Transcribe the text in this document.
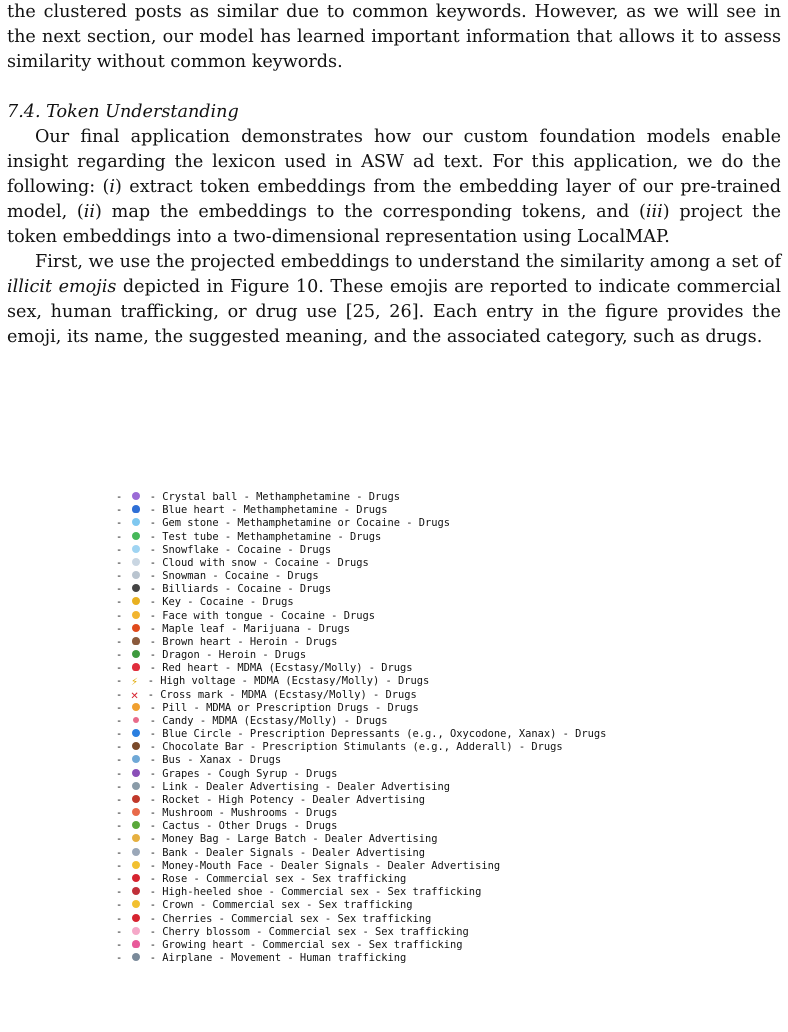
the clustered posts as similar due to common keywords. However, as we will see in the next section, our model has learned important information that allows it to assess similarity without common keywords.

7.4. Token Understanding

Our final application demonstrates how our custom foundation models enable insight regarding the lexicon used in ASW ad text. For this application, we do the following: (i) extract token embeddings from the embedding layer of our pre-trained model, (ii) map the embeddings to the corresponding tokens, and (iii) project the token embeddings into a two-dimensional representation using LocalMAP.

First, we use the projected embeddings to understand the similarity among a set of illicit emojis depicted in Figure 10. These emojis are reported to indicate commercial sex, human trafficking, or drug use [25, 26]. Each entry in the figure provides the emoji, its name, the suggested meaning, and the associated category, such as drugs.

-  - Crystal ball - Methamphetamine - Drugs
-  - Blue heart - Methamphetamine - Drugs
-  - Gem stone - Methamphetamine or Cocaine - Drugs
-  - Test tube - Methamphetamine - Drugs
-  - Snowflake - Cocaine - Drugs
-  - Cloud with snow - Cocaine - Drugs
-  - Snowman - Cocaine - Drugs
-  - Billiards - Cocaine - Drugs
-  - Key - Cocaine - Drugs
-  - Face with tongue - Cocaine - Drugs
-  - Maple leaf - Marijuana - Drugs
-  - Brown heart - Heroin - Drugs
-  - Dragon - Heroin - Drugs
-  - Red heart - MDMA (Ecstasy/Molly) - Drugs
- ⚡ - High voltage - MDMA (Ecstasy/Molly) - Drugs
- ✕ - Cross mark - MDMA (Ecstasy/Molly) - Drugs
-  - Pill - MDMA or Prescription Drugs - Drugs
-  - Candy - MDMA (Ecstasy/Molly) - Drugs
-  - Blue Circle - Prescription Depressants (e.g., Oxycodone, Xanax) - Drugs
-  - Chocolate Bar - Prescription Stimulants (e.g., Adderall) - Drugs
-  - Bus - Xanax - Drugs
-  - Grapes - Cough Syrup - Drugs
-  - Link - Dealer Advertising - Dealer Advertising
-  - Rocket - High Potency - Dealer Advertising
-  - Mushroom - Mushrooms - Drugs
-  - Cactus - Other Drugs - Drugs
-  - Money Bag - Large Batch - Dealer Advertising
-  - Bank - Dealer Signals - Dealer Advertising
-  - Money-Mouth Face - Dealer Signals - Dealer Advertising
-  - Rose - Commercial sex - Sex trafficking
-  - High-heeled shoe - Commercial sex - Sex trafficking
-  - Crown - Commercial sex - Sex trafficking
-  - Cherries - Commercial sex - Sex trafficking
-  - Cherry blossom - Commercial sex - Sex trafficking
-  - Growing heart - Commercial sex - Sex trafficking
-  - Airplane - Movement - Human trafficking
